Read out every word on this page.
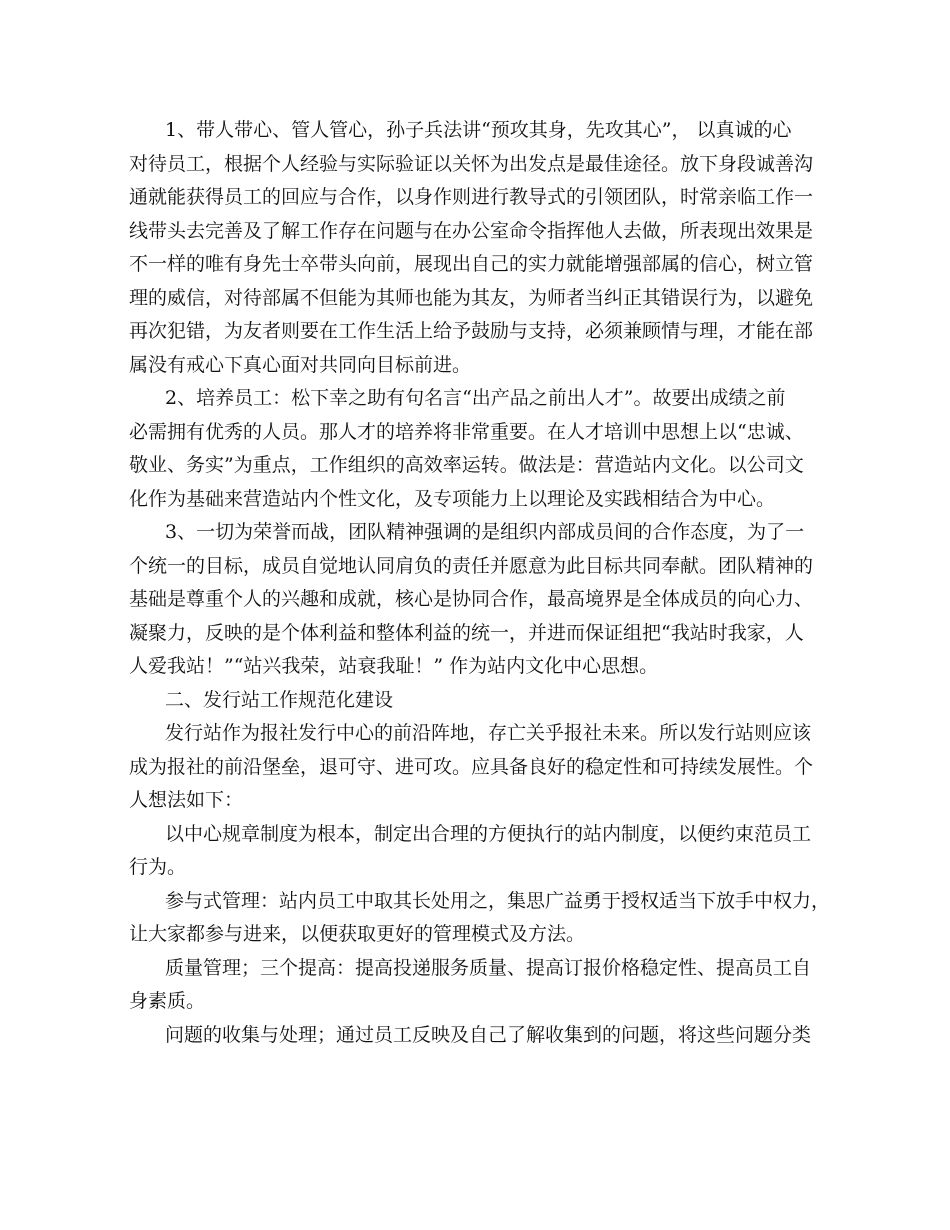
1、带人带心、管人管心，孙子兵法讲“预攻其身，先攻其心”， 以真诚的心
对待员工，根据个人经验与实际验证以关怀为出发点是最佳途径。放下身段诚善沟
通就能获得员工的回应与合作，以身作则进行教导式的引领团队，时常亲临工作一
线带头去完善及了解工作存在问题与在办公室命令指挥他人去做，所表现出效果是
不一样的唯有身先士卒带头向前，展现出自己的实力就能增强部属的信心，树立管
理的威信，对待部属不但能为其师也能为其友，为师者当纠正其错误行为，以避免
再次犯错，为友者则要在工作生活上给予鼓励与支持，必须兼顾情与理，才能在部
属没有戒心下真心面对共同向目标前进。
2、培养员工：松下幸之助有句名言“出产品之前出人才”。故要出成绩之前
必需拥有优秀的人员。那人才的培养将非常重要。在人才培训中思想上以“忠诚、
敬业、务实”为重点，工作组织的高效率运转。做法是：营造站内文化。以公司文
化作为基础来营造站内个性文化，及专项能力上以理论及实践相结合为中心。
3、一切为荣誉而战，团队精神强调的是组织内部成员间的合作态度，为了一
个统一的目标，成员自觉地认同肩负的责任并愿意为此目标共同奉献。团队精神的
基础是尊重个人的兴趣和成就，核心是协同合作，最高境界是全体成员的向心力、
凝聚力，反映的是个体利益和整体利益的统一，并进而保证组把“我站时我家，人
人爱我站！”“站兴我荣，站衰我耻！” 作为站内文化中心思想。
二、发行站工作规范化建设
发行站作为报社发行中心的前沿阵地，存亡关乎报社未来。所以发行站则应该
成为报社的前沿堡垒，退可守、进可攻。应具备良好的稳定性和可持续发展性。个
人想法如下：
以中心规章制度为根本，制定出合理的方便执行的站内制度，以便约束范员工
行为。
参与式管理：站内员工中取其长处用之，集思广益勇于授权适当下放手中权力，
让大家都参与进来，以便获取更好的管理模式及方法。
质量管理；三个提高：提高投递服务质量、提高订报价格稳定性、提高员工自
身素质。
问题的收集与处理；通过员工反映及自己了解收集到的问题，将这些问题分类
